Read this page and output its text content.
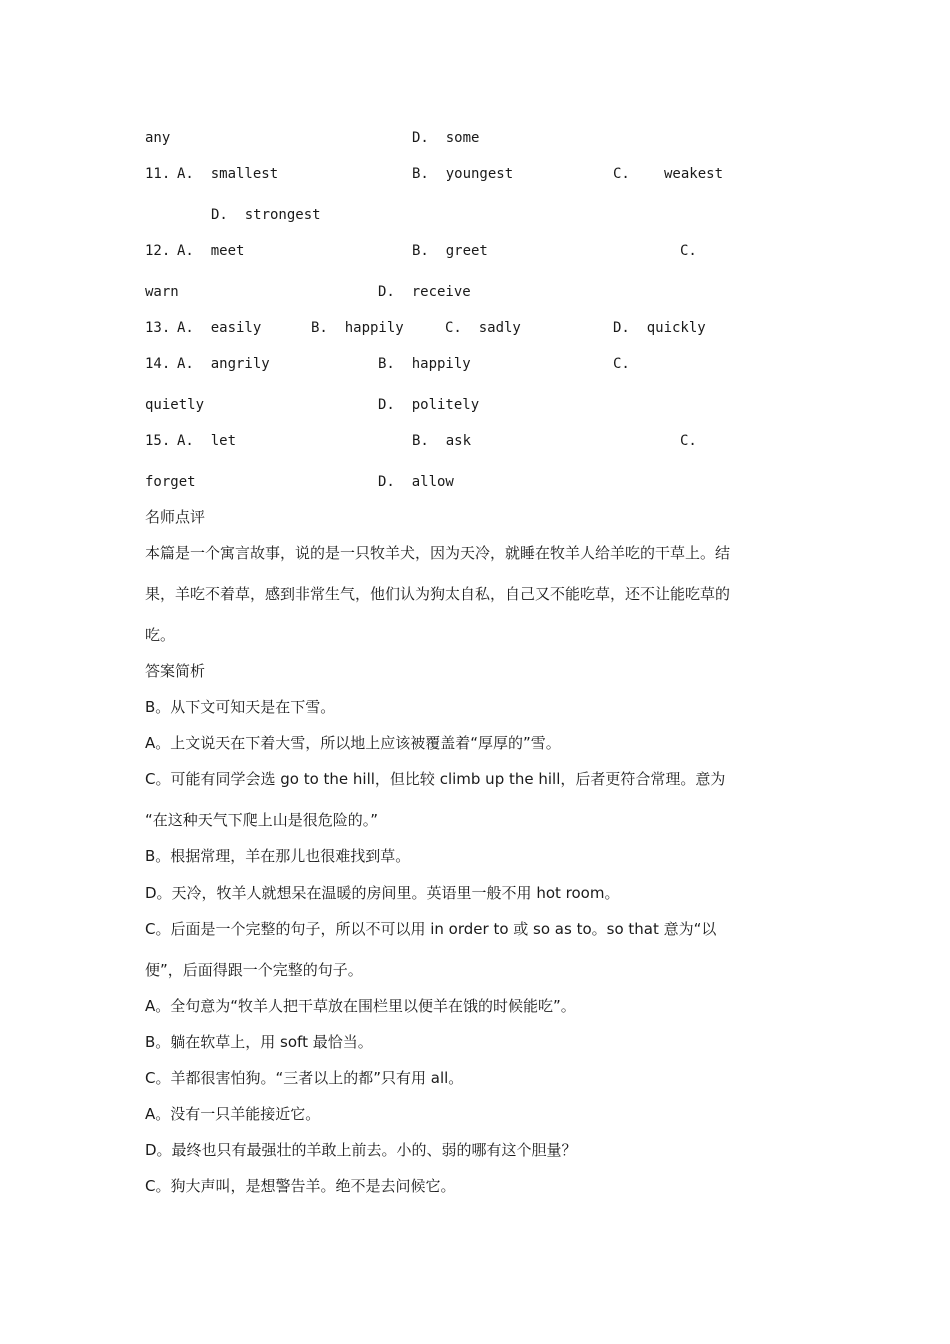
any	D.  some
11. A.  smallest	B.  youngest	C. weakest
D.  strongest
12. A.  meet	B.  greet	C.
warn	D.  receive
13. A.  easily	B.  happily	C.  sadly	D.  quickly
14. A.  angrily	B.  happily	C.
quietly	D.  politely
15. A.  let	B.  ask	C.
forget	D.  allow
名师点评
本篇是一个寓言故事，说的是一只牧羊犬，因为天冷，就睡在牧羊人给羊吃的干草上。结
果，羊吃不着草，感到非常生气，他们认为狗太自私，自己又不能吃草，还不让能吃草的
吃。
答案简析
B。从下文可知天是在下雪。
A。上文说天在下着大雪，所以地上应该被覆盖着“厚厚的”雪。
C。可能有同学会选 go to the hill，但比较 climb up the hill，后者更符合常理。意为
“在这种天气下爬上山是很危险的。”
B。根据常理，羊在那儿也很难找到草。
D。天冷，牧羊人就想呆在温暖的房间里。英语里一般不用 hot room。
C。后面是一个完整的句子，所以不可以用 in order to 或 so as to。so that 意为“以
便”，后面得跟一个完整的句子。
A。全句意为“牧羊人把干草放在围栏里以便羊在饿的时候能吃”。
B。躺在软草上，用 soft 最恰当。
C。羊都很害怕狗。“三者以上的都”只有用 all。
A。没有一只羊能接近它。
D。最终也只有最强壮的羊敢上前去。小的、弱的哪有这个胆量？
C。狗大声叫，是想警告羊。绝不是去问候它。
